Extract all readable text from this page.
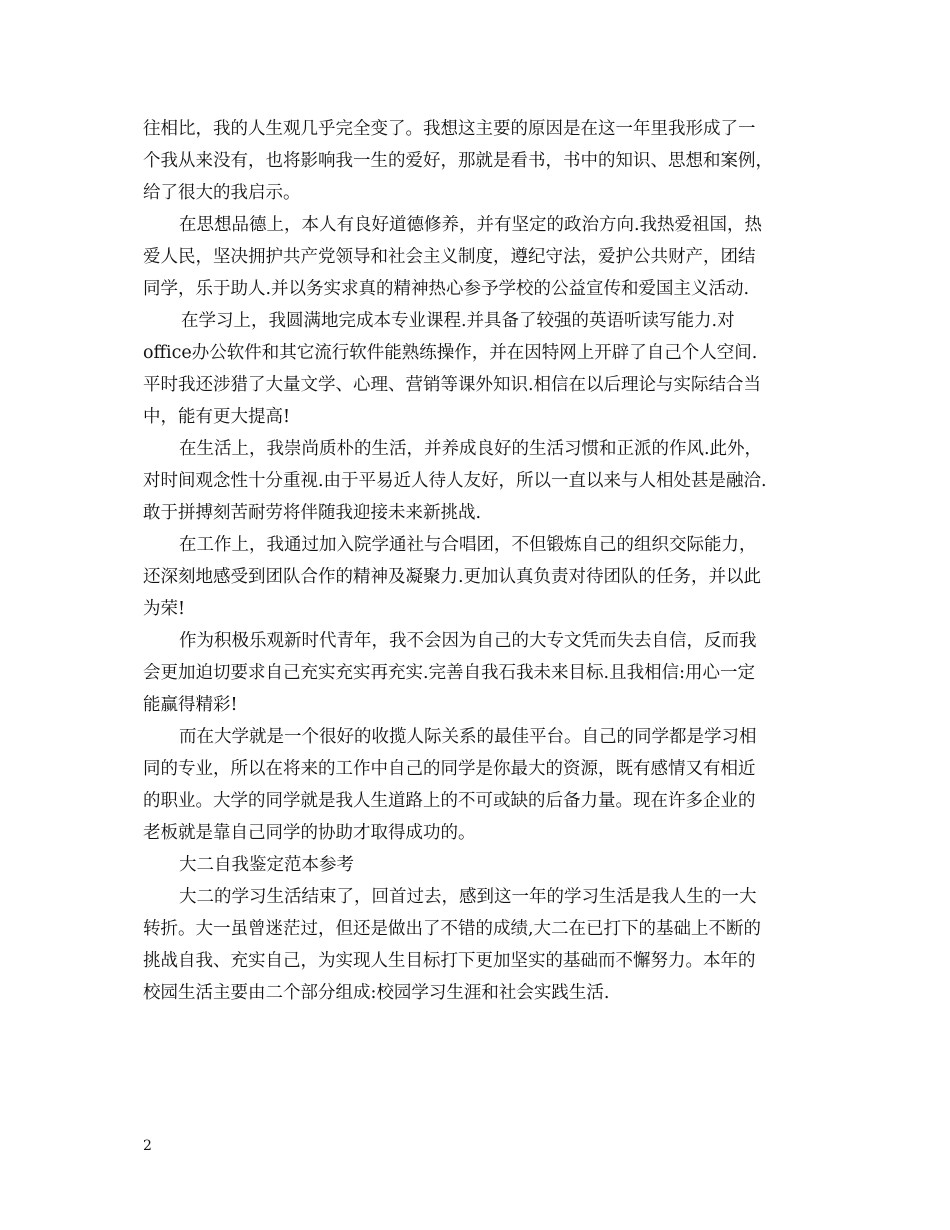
往相比，我的人生观几乎完全变了。我想这主要的原因是在这一年里我形成了一
个我从来没有，也将影响我一生的爱好，那就是看书，书中的知识、思想和案例，
给了很大的我启示。
在思想品德上，本人有良好道德修养，并有坚定的政治方向.我热爱祖国，热
爱人民，坚决拥护共产党领导和社会主义制度，遵纪守法，爱护公共财产，团结
同学，乐于助人.并以务实求真的精神热心参予学校的公益宣传和爱国主义活动.
在学习上，我圆满地完成本专业课程.并具备了较强的英语听读写能力.对
office办公软件和其它流行软件能熟练操作，并在因特网上开辟了自己个人空间.
平时我还涉猎了大量文学、心理、营销等课外知识.相信在以后理论与实际结合当
中，能有更大提高!
在生活上，我崇尚质朴的生活，并养成良好的生活习惯和正派的作风.此外，
对时间观念性十分重视.由于平易近人待人友好，所以一直以来与人相处甚是融洽.
敢于拼搏刻苦耐劳将伴随我迎接未来新挑战.
在工作上，我通过加入院学通社与合唱团，不但锻炼自己的组织交际能力，
还深刻地感受到团队合作的精神及凝聚力.更加认真负责对待团队的任务，并以此
为荣!
作为积极乐观新时代青年，我不会因为自己的大专文凭而失去自信，反而我
会更加迫切要求自己充实充实再充实.完善自我石我未来目标.且我相信:用心一定
能赢得精彩!
而在大学就是一个很好的收揽人际关系的最佳平台。自己的同学都是学习相
同的专业，所以在将来的工作中自己的同学是你最大的资源，既有感情又有相近
的职业。大学的同学就是我人生道路上的不可或缺的后备力量。现在许多企业的
老板就是靠自己同学的协助才取得成功的。
大二自我鉴定范本参考
大二的学习生活结束了，回首过去，感到这一年的学习生活是我人生的一大
转折。大一虽曾迷茫过，但还是做出了不错的成绩,大二在已打下的基础上不断的
挑战自我、充实自己，为实现人生目标打下更加坚实的基础而不懈努力。本年的
校园生活主要由二个部分组成:校园学习生涯和社会实践生活.
2
